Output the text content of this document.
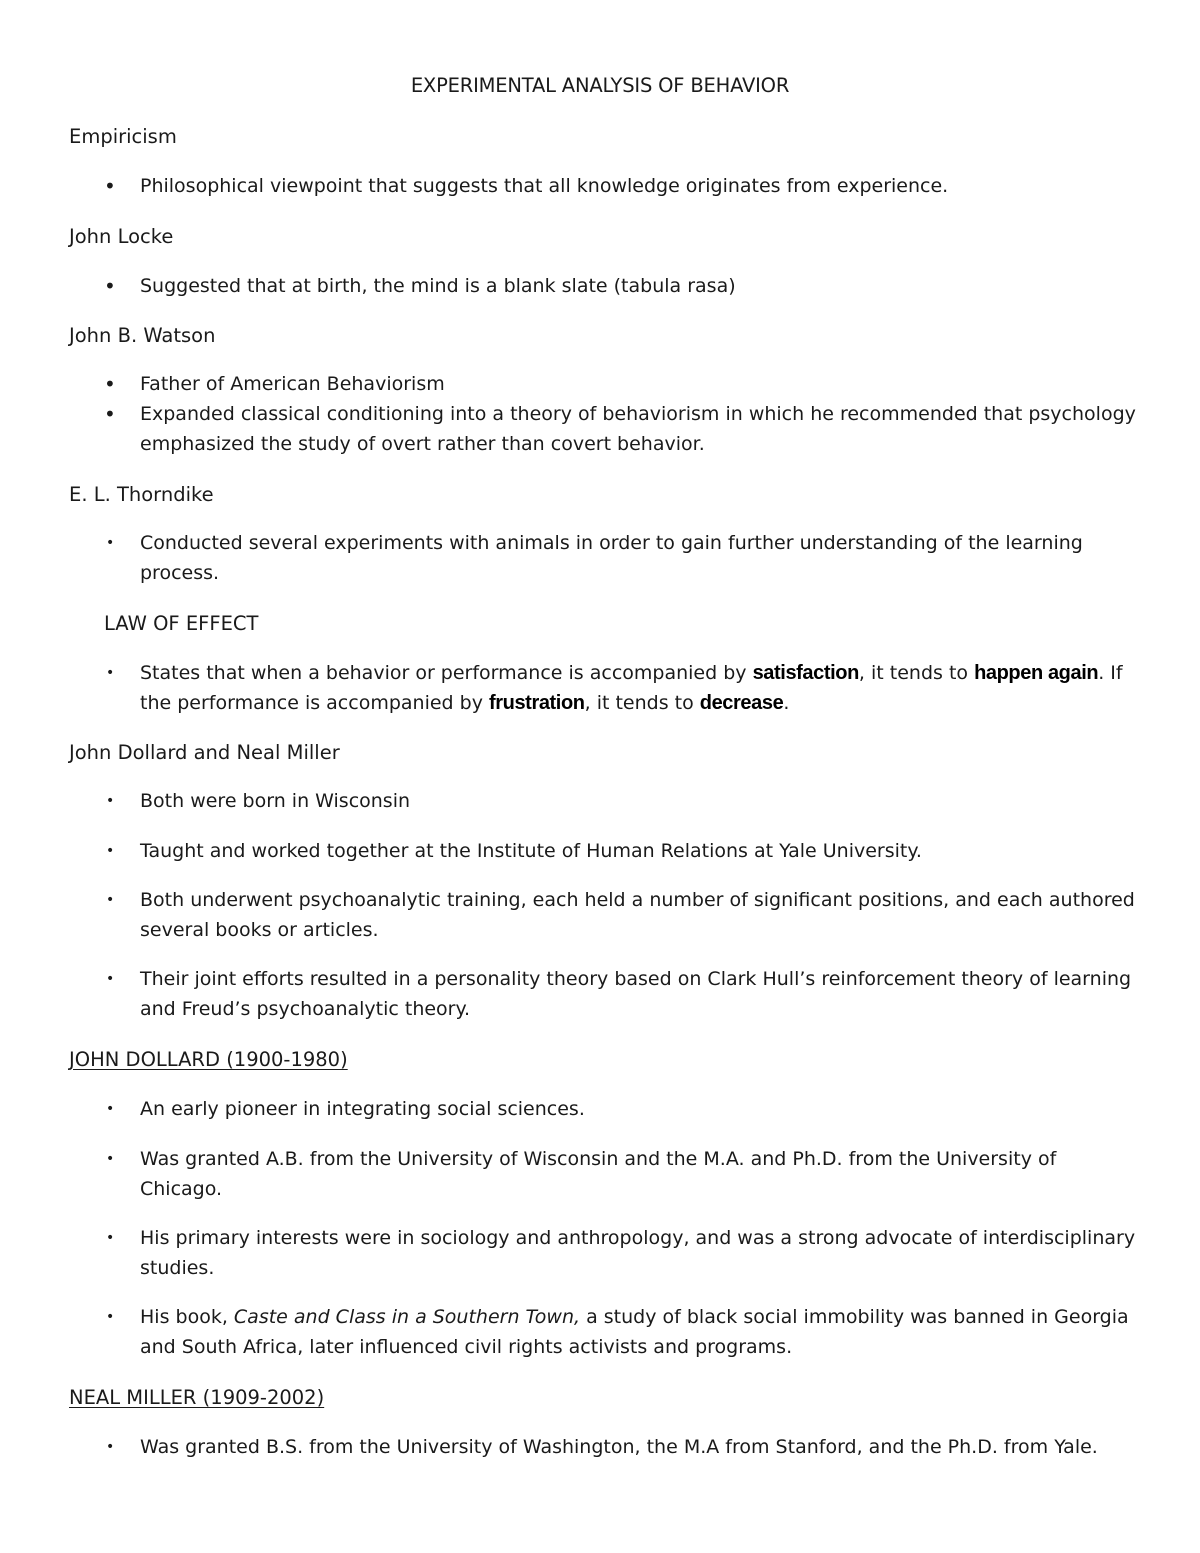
EXPERIMENTAL ANALYSIS OF BEHAVIOR
Empiricism
• Philosophical viewpoint that suggests that all knowledge originates from experience.
John Locke
• Suggested that at birth, the mind is a blank slate (tabula rasa)
John B. Watson
• Father of American Behaviorism
• Expanded classical conditioning into a theory of behaviorism in which he recommended that psychology emphasized the study of overt rather than covert behavior.
E. L. Thorndike
• Conducted several experiments with animals in order to gain further understanding of the learning process.
LAW OF EFFECT
• States that when a behavior or performance is accompanied by satisfaction, it tends to happen again. If the performance is accompanied by frustration, it tends to decrease.
John Dollard and Neal Miller
• Both were born in Wisconsin
• Taught and worked together at the Institute of Human Relations at Yale University.
• Both underwent psychoanalytic training, each held a number of significant positions, and each authored several books or articles.
• Their joint efforts resulted in a personality theory based on Clark Hull’s reinforcement theory of learning and Freud’s psychoanalytic theory.
JOHN DOLLARD (1900-1980)
• An early pioneer in integrating social sciences.
• Was granted A.B. from the University of Wisconsin and the M.A. and Ph.D. from the University of Chicago.
• His primary interests were in sociology and anthropology, and was a strong advocate of interdisciplinary studies.
• His book, Caste and Class in a Southern Town, a study of black social immobility was banned in Georgia and South Africa, later influenced civil rights activists and programs.
NEAL MILLER (1909-2002)
• Was granted B.S. from the University of Washington, the M.A from Stanford, and the Ph.D. from Yale.
